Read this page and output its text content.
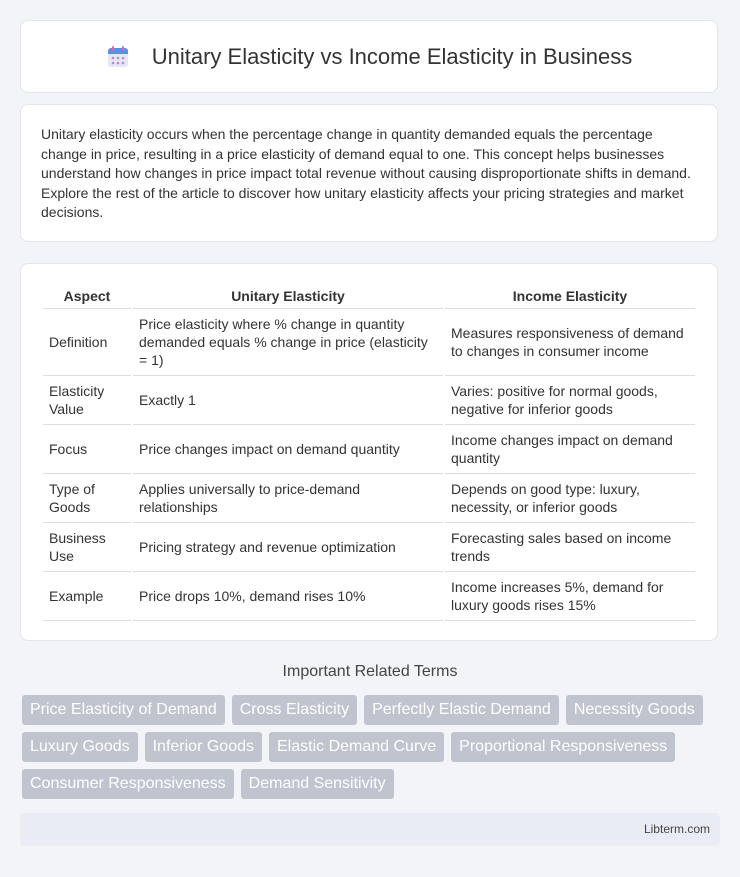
Unitary Elasticity vs Income Elasticity in Business

Unitary elasticity occurs when the percentage change in quantity demanded equals the percentage change in price, resulting in a price elasticity of demand equal to one. This concept helps businesses understand how changes in price impact total revenue without causing disproportionate shifts in demand. Explore the rest of the article to discover how unitary elasticity affects your pricing strategies and market decisions.

Aspect	Unitary Elasticity	Income Elasticity
Definition	Price elasticity where % change in quantity demanded equals % change in price (elasticity = 1)	Measures responsiveness of demand to changes in consumer income
Elasticity Value	Exactly 1	Varies: positive for normal goods, negative for inferior goods
Focus	Price changes impact on demand quantity	Income changes impact on demand quantity
Type of Goods	Applies universally to price-demand relationships	Depends on good type: luxury, necessity, or inferior goods
Business Use	Pricing strategy and revenue optimization	Forecasting sales based on income trends
Example	Price drops 10%, demand rises 10%	Income increases 5%, demand for luxury goods rises 15%
Important Related Terms
Price Elasticity of Demand	Cross Elasticity	Perfectly Elastic Demand	Necessity Goods
Luxury Goods	Inferior Goods	Elastic Demand Curve	Proportional Responsiveness
Consumer Responsiveness	Demand Sensitivity
Libterm.com
